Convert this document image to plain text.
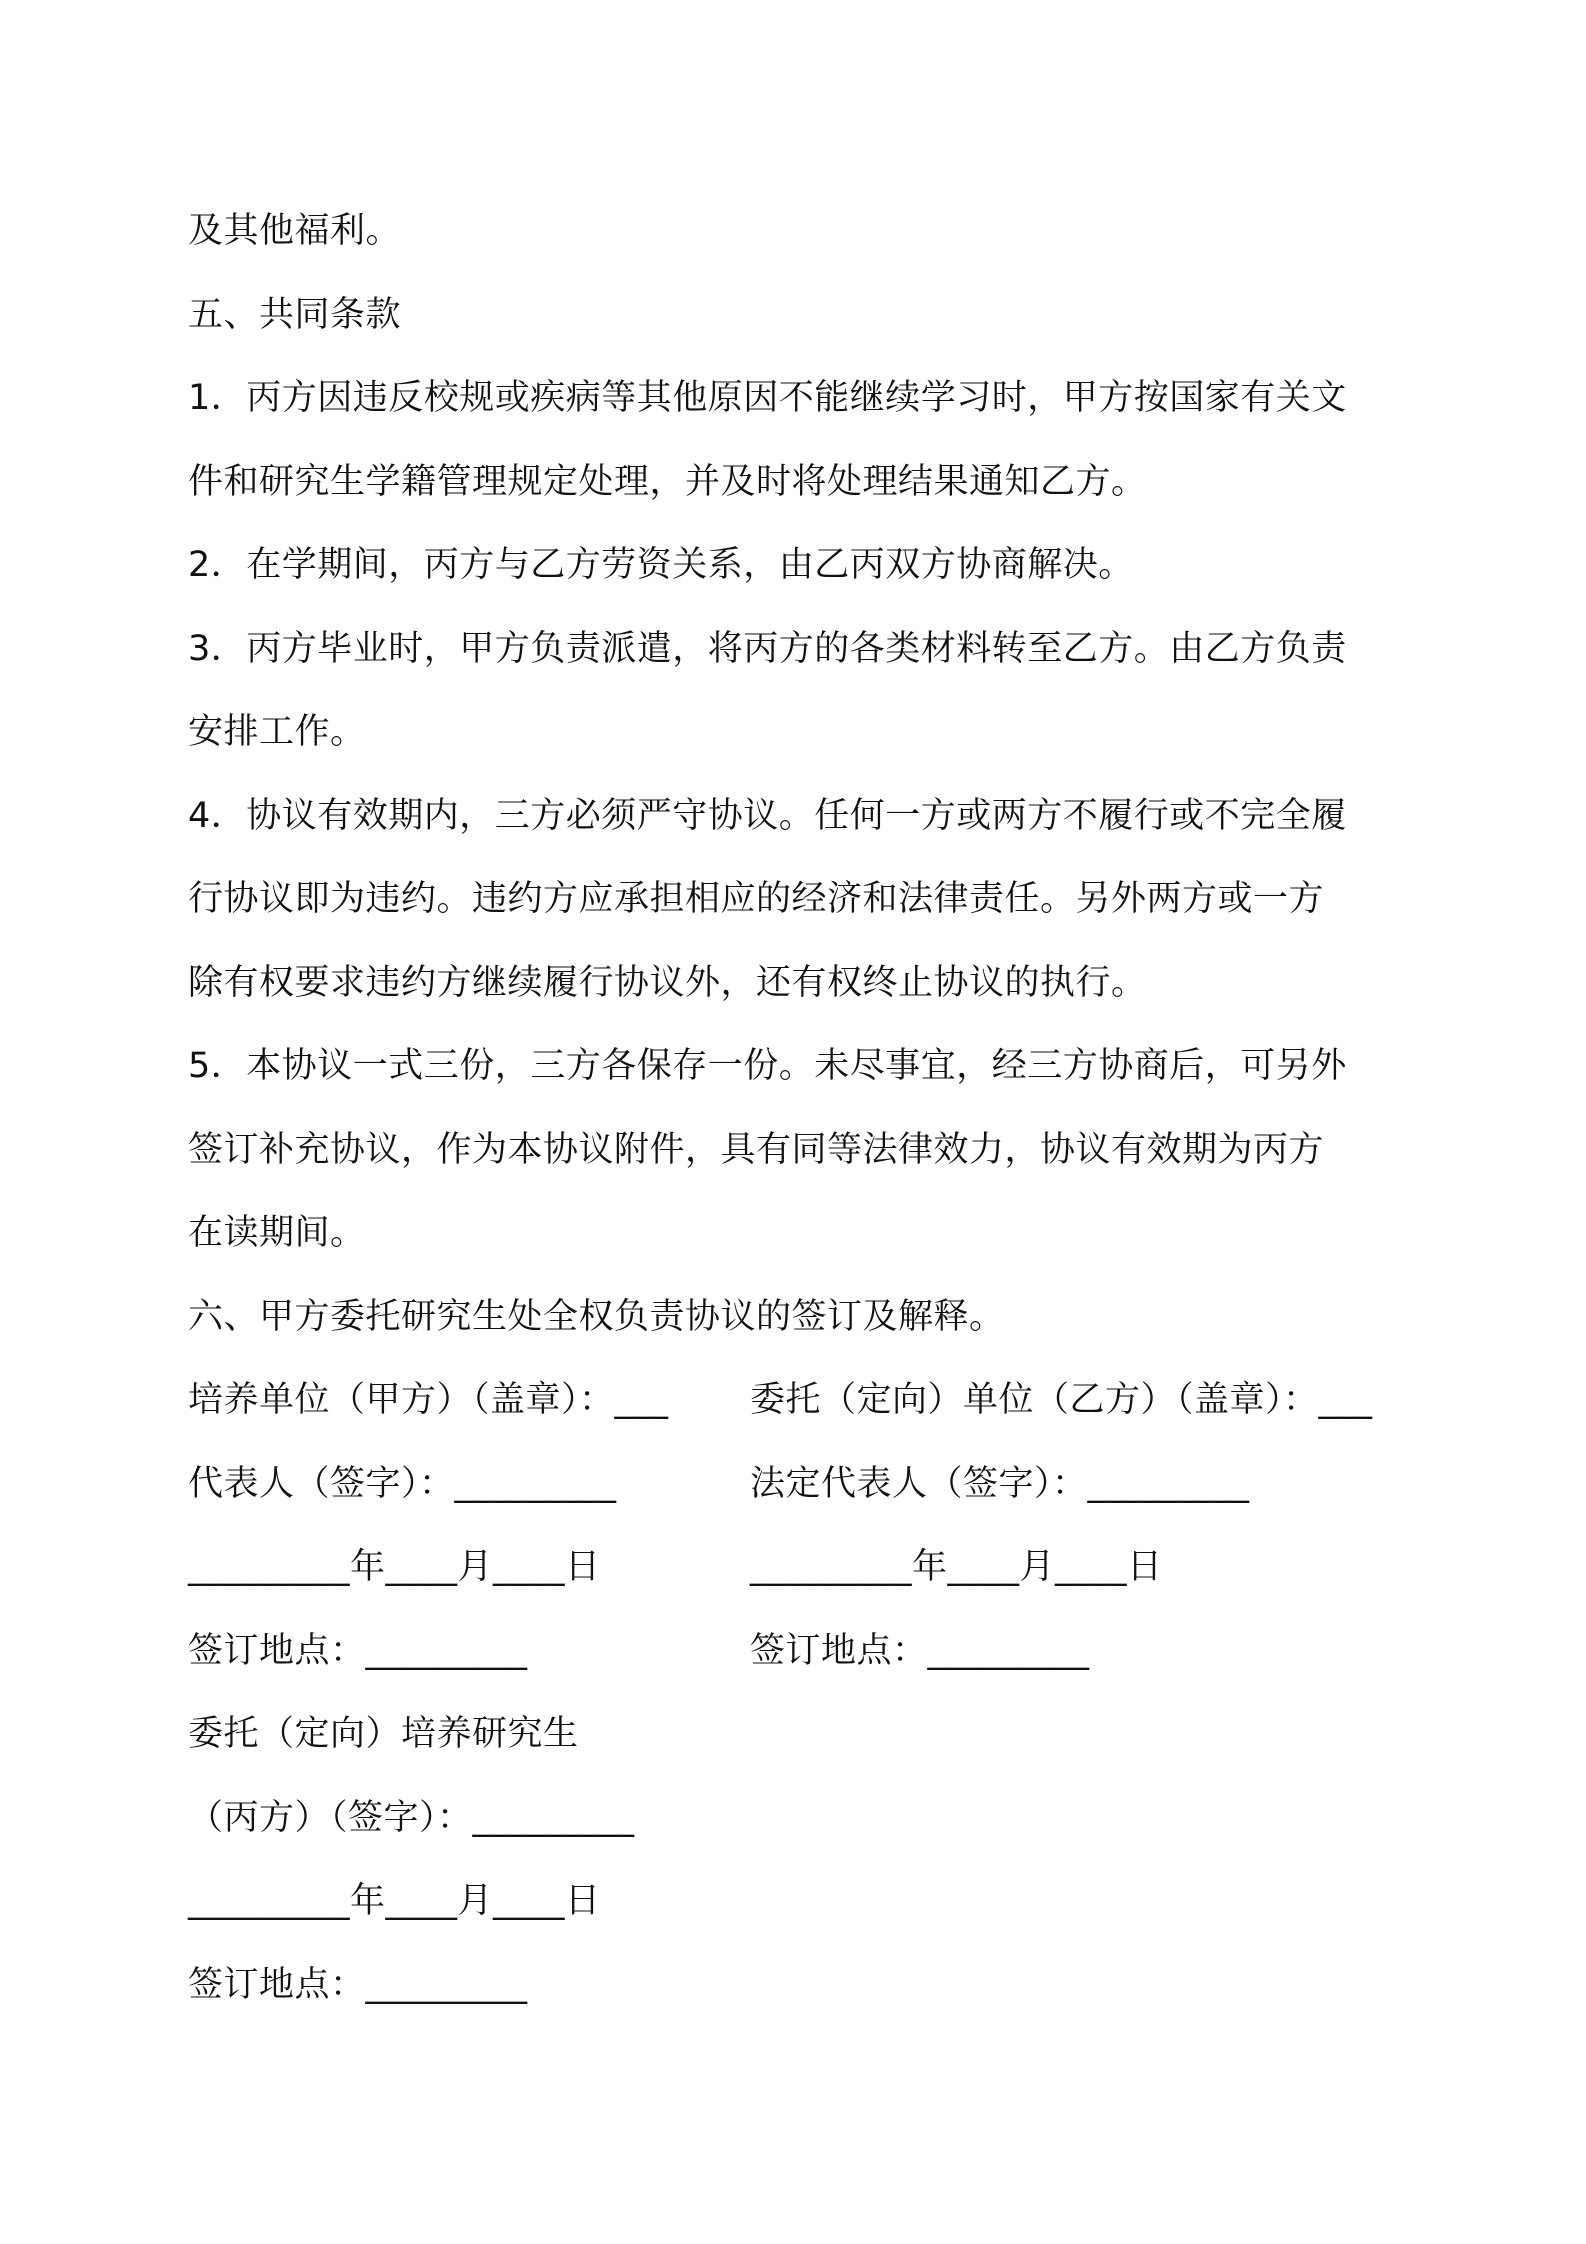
及其他福利。
五、共同条款
1．丙方因违反校规或疾病等其他原因不能继续学习时，甲方按国家有关文
件和研究生学籍管理规定处理，并及时将处理结果通知乙方。
2．在学期间，丙方与乙方劳资关系，由乙丙双方协商解决。
3．丙方毕业时，甲方负责派遣，将丙方的各类材料转至乙方。由乙方负责
安排工作。
4．协议有效期内，三方必须严守协议。任何一方或两方不履行或不完全履
行协议即为违约。违约方应承担相应的经济和法律责任。另外两方或一方
除有权要求违约方继续履行协议外，还有权终止协议的执行。
5．本协议一式三份，三方各保存一份。未尽事宜，经三方协商后，可另外
签订补充协议，作为本协议附件，具有同等法律效力，协议有效期为丙方
在读期间。
六、甲方委托研究生处全权负责协议的签订及解释。
培养单位（甲方）（盖章）：___ 委托（定向）单位（乙方）（盖章）：___
代表人（签字）：_________	法定代表人（签字）：_________
_________年____月____日	_________年____月____日
签订地点：_________	签订地点：_________
委托（定向）培养研究生
（丙方）（签字）：_________
_________年____月____日
签订地点：_________
